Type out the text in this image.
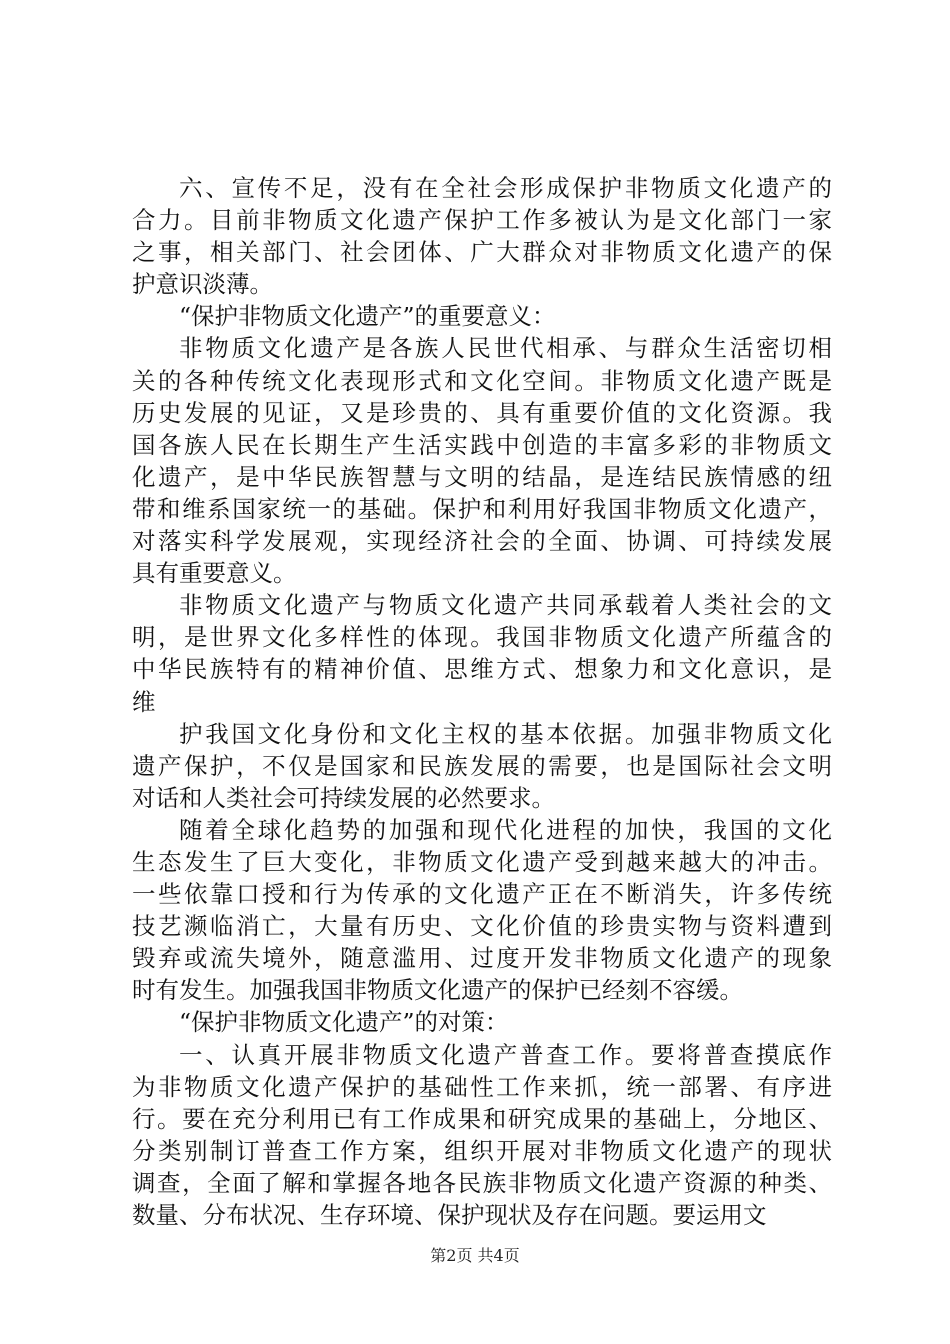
六、宣传不足，没有在全社会形成保护非物质文化遗产的
合力。目前非物质文化遗产保护工作多被认为是文化部门一家
之事，相关部门、社会团体、广大群众对非物质文化遗产的保
护意识淡薄。
“保护非物质文化遗产”的重要意义：
非物质文化遗产是各族人民世代相承、与群众生活密切相
关的各种传统文化表现形式和文化空间。非物质文化遗产既是
历史发展的见证，又是珍贵的、具有重要价值的文化资源。我
国各族人民在长期生产生活实践中创造的丰富多彩的非物质文
化遗产，是中华民族智慧与文明的结晶，是连结民族情感的纽
带和维系国家统一的基础。保护和利用好我国非物质文化遗产，
对落实科学发展观，实现经济社会的全面、协调、可持续发展
具有重要意义。
非物质文化遗产与物质文化遗产共同承载着人类社会的文
明，是世界文化多样性的体现。我国非物质文化遗产所蕴含的
中华民族特有的精神价值、思维方式、想象力和文化意识，是
维
护我国文化身份和文化主权的基本依据。加强非物质文化
遗产保护，不仅是国家和民族发展的需要，也是国际社会文明
对话和人类社会可持续发展的必然要求。
随着全球化趋势的加强和现代化进程的加快，我国的文化
生态发生了巨大变化，非物质文化遗产受到越来越大的冲击。
一些依靠口授和行为传承的文化遗产正在不断消失，许多传统
技艺濒临消亡，大量有历史、文化价值的珍贵实物与资料遭到
毁弃或流失境外，随意滥用、过度开发非物质文化遗产的现象
时有发生。加强我国非物质文化遗产的保护已经刻不容缓。
“保护非物质文化遗产”的对策：
一、认真开展非物质文化遗产普查工作。要将普查摸底作
为非物质文化遗产保护的基础性工作来抓，统一部署、有序进
行。要在充分利用已有工作成果和研究成果的基础上，分地区、
分类别制订普查工作方案，组织开展对非物质文化遗产的现状
调查，全面了解和掌握各地各民族非物质文化遗产资源的种类、
数量、分布状况、生存环境、保护现状及存在问题。要运用文
第2页 共4页
